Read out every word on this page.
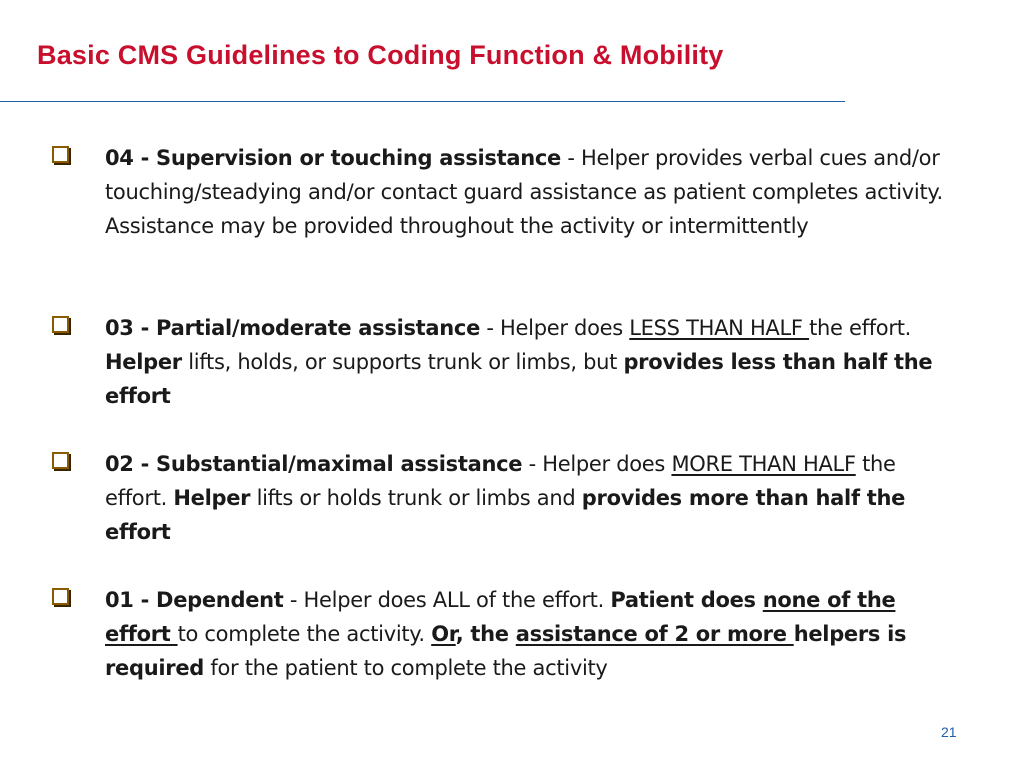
Basic CMS Guidelines to Coding Function & Mobility

04 - Supervision or touching assistance - Helper provides verbal cues and/or touching/steadying and/or contact guard assistance as patient completes activity. Assistance may be provided throughout the activity or intermittently

03 - Partial/moderate assistance - Helper does LESS THAN HALF the effort. Helper lifts, holds, or supports trunk or limbs, but provides less than half the effort

02 - Substantial/maximal assistance - Helper does MORE THAN HALF the effort. Helper lifts or holds trunk or limbs and provides more than half the effort

01 - Dependent - Helper does ALL of the effort. Patient does none of the effort to complete the activity. Or, the assistance of 2 or more helpers is required for the patient to complete the activity

21
